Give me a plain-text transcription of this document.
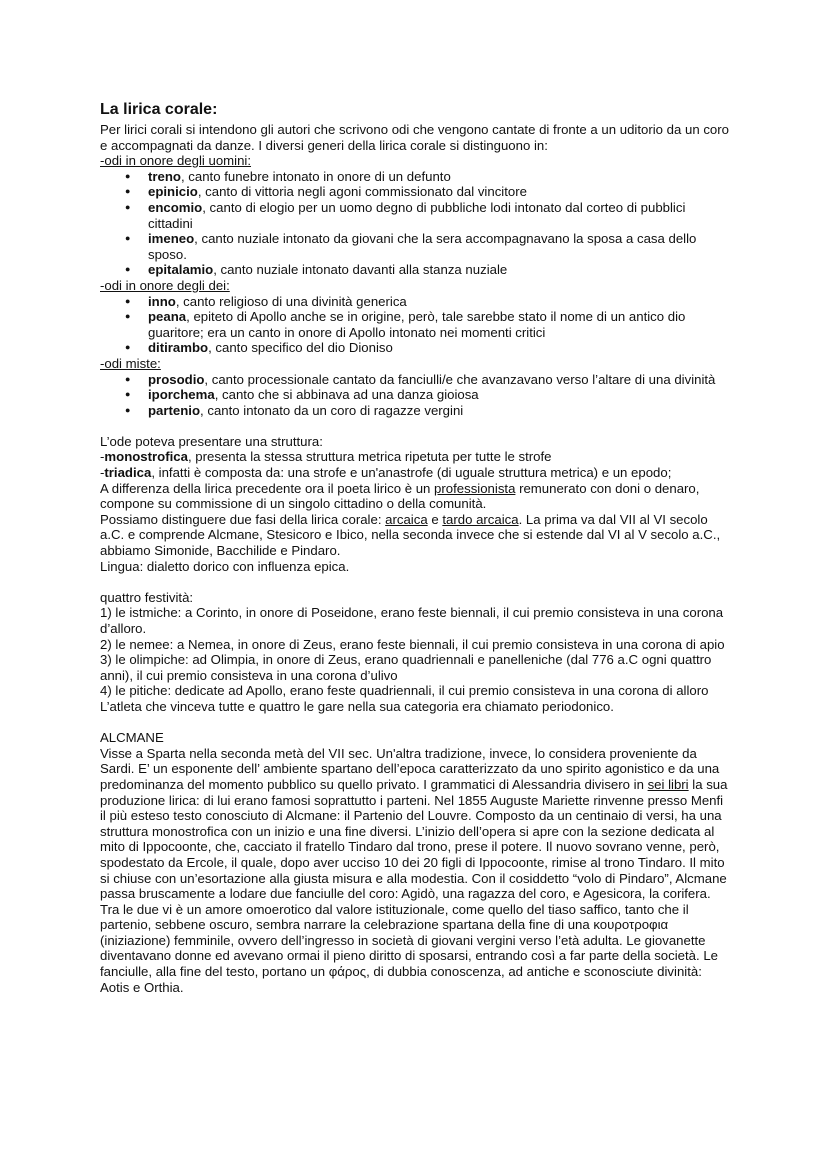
La lirica corale:

Per lirici corali si intendono gli autori che scrivono odi che vengono cantate di fronte a un uditorio da un coro e accompagnati da danze. I diversi generi della lirica corale si distinguono in:

-odi in onore degli uomini:

● treno, canto funebre intonato in onore di un defunto
● epinicio, canto di vittoria negli agoni commissionato dal vincitore
● encomio, canto di elogio per un uomo degno di pubbliche lodi intonato dal corteo di pubblici cittadini
● imeneo, canto nuziale intonato da giovani che la sera accompagnavano la sposa a casa dello sposo.
● epitalamio, canto nuziale intonato davanti alla stanza nuziale

-odi in onore degli dei:

● inno, canto religioso di una divinità generica
● peana, epiteto di Apollo anche se in origine, però, tale sarebbe stato il nome di un antico dio guaritore; era un canto in onore di Apollo intonato nei momenti critici
● ditirambo, canto specifico del dio Dioniso

-odi miste:

● prosodio, canto processionale cantato da fanciulli/e che avanzavano verso l’altare di una divinità
● iporchema, canto che si abbinava ad una danza gioiosa
● partenio, canto intonato da un coro di ragazze vergini

L’ode poteva presentare una struttura:

-monostrofica, presenta la stessa struttura metrica ripetuta per tutte le strofe

-triadica, infatti è composta da: una strofe e un'anastrofe (di uguale struttura metrica) e un epodo;

A differenza della lirica precedente ora il poeta lirico è un professionista remunerato con doni o denaro, compone su commissione di un singolo cittadino o della comunità.

Possiamo distinguere due fasi della lirica corale: arcaica e tardo arcaica. La prima va dal VII al VI secolo a.C. e comprende Alcmane, Stesicoro e Ibico, nella seconda invece che si estende dal VI al V secolo a.C., abbiamo Simonide, Bacchilide e Pindaro.

Lingua: dialetto dorico con influenza epica.

quattro festività:

1) le istmiche: a Corinto, in onore di Poseidone, erano feste biennali, il cui premio consisteva in una corona d’alloro.

2) le nemee: a Nemea, in onore di Zeus, erano feste biennali, il cui premio consisteva in una corona di apio

3) le olimpiche: ad Olimpia, in onore di Zeus, erano quadriennali e panelleniche (dal 776 a.C ogni quattro anni), il cui premio consisteva in una corona d’ulivo

4) le pitiche: dedicate ad Apollo, erano feste quadriennali, il cui premio consisteva in una corona di alloro

L’atleta che vinceva tutte e quattro le gare nella sua categoria era chiamato periodonico.

ALCMANE

Visse a Sparta nella seconda metà del VII sec. Un'altra tradizione, invece, lo considera proveniente da Sardi. E’ un esponente dell’ ambiente spartano dell’epoca caratterizzato da uno spirito agonistico e da una predominanza del momento pubblico su quello privato. I grammatici di Alessandria divisero in sei libri la sua produzione lirica: di lui erano famosi soprattutto i parteni. Nel 1855 Auguste Mariette rinvenne presso Menfi il più esteso testo conosciuto di Alcmane: il Partenio del Louvre. Composto da un centinaio di versi, ha una struttura monostrofica con un inizio e una fine diversi. L’inizio dell’opera si apre con la sezione dedicata al mito di Ippocoonte, che, cacciato il fratello Tindaro dal trono, prese il potere. Il nuovo sovrano venne, però, spodestato da Ercole, il quale, dopo aver ucciso 10 dei 20 figli di Ippocoonte, rimise al trono Tindaro. Il mito si chiuse con un’esortazione alla giusta misura e alla modestia. Con il cosiddetto “volo di Pindaro”, Alcmane passa bruscamente a lodare due fanciulle del coro: Agidò, una ragazza del coro, e Agesicora, la corifera. Tra le due vi è un amore omoerotico dal valore istituzionale, come quello del tiaso saffico, tanto che il partenio, sebbene oscuro, sembra narrare la celebrazione spartana della fine di una κουροτροφια (iniziazione) femminile, ovvero dell’ingresso in società di giovani vergini verso l’età adulta. Le giovanette diventavano donne ed avevano ormai il pieno diritto di sposarsi, entrando così a far parte della società. Le fanciulle, alla fine del testo, portano un φάρος, di dubbia conoscenza, ad antiche e sconosciute divinità: Aotis e Orthia.
